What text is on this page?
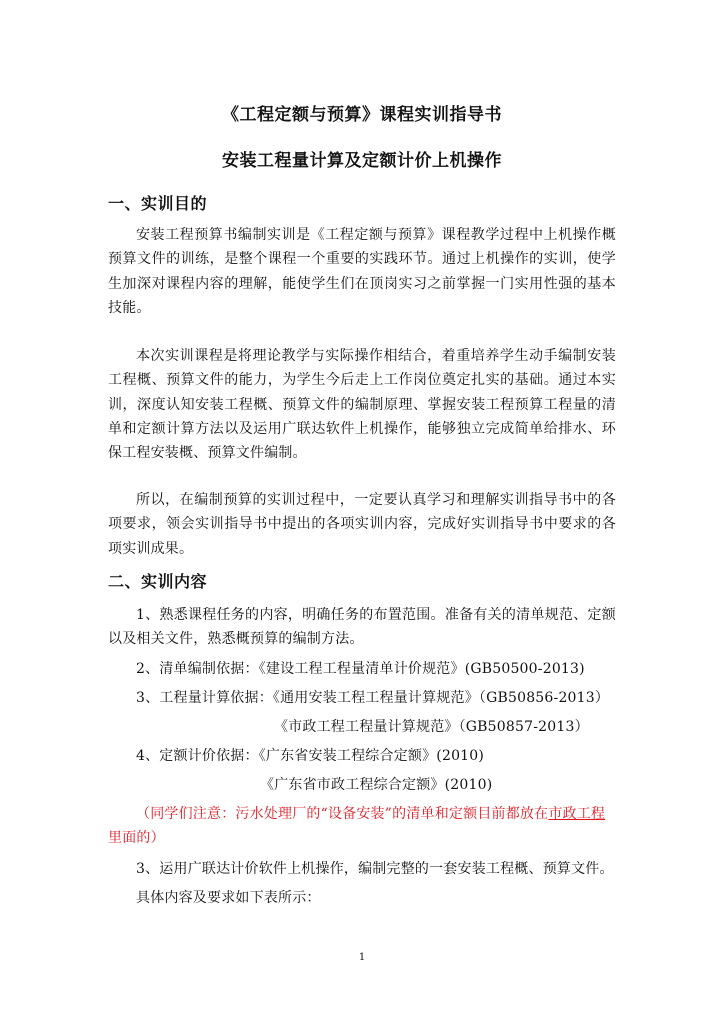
《工程定额与预算》课程实训指导书
安装工程量计算及定额计价上机操作
一、实训目的
安装工程预算书编制实训是《工程定额与预算》课程教学过程中上机操作概预算文件的训练，是整个课程一个重要的实践环节。通过上机操作的实训，使学生加深对课程内容的理解，能使学生们在顶岗实习之前掌握一门实用性强的基本技能。
本次实训课程是将理论教学与实际操作相结合，着重培养学生动手编制安装工程概、预算文件的能力，为学生今后走上工作岗位奠定扎实的基础。通过本实训，深度认知安装工程概、预算文件的编制原理、掌握安装工程预算工程量的清单和定额计算方法以及运用广联达软件上机操作，能够独立完成简单给排水、环保工程安装概、预算文件编制。
所以，在编制预算的实训过程中，一定要认真学习和理解实训指导书中的各项要求，领会实训指导书中提出的各项实训内容，完成好实训指导书中要求的各项实训成果。
二、实训内容
1、熟悉课程任务的内容，明确任务的布置范围。准备有关的清单规范、定额以及相关文件，熟悉概预算的编制方法。
2、清单编制依据：《建设工程工程量清单计价规范》(GB50500-2013)
3、工程量计算依据：《通用安装工程工程量计算规范》（GB50856-2013）
《市政工程工程量计算规范》（GB50857-2013）
4、定额计价依据：《广东省安装工程综合定额》(2010)
《广东省市政工程综合定额》(2010)
（同学们注意：污水处理厂的“设备安装”的清单和定额目前都放在市政工程里面的）
3、运用广联达计价软件上机操作，编制完整的一套安装工程概、预算文件。
具体内容及要求如下表所示：
1
